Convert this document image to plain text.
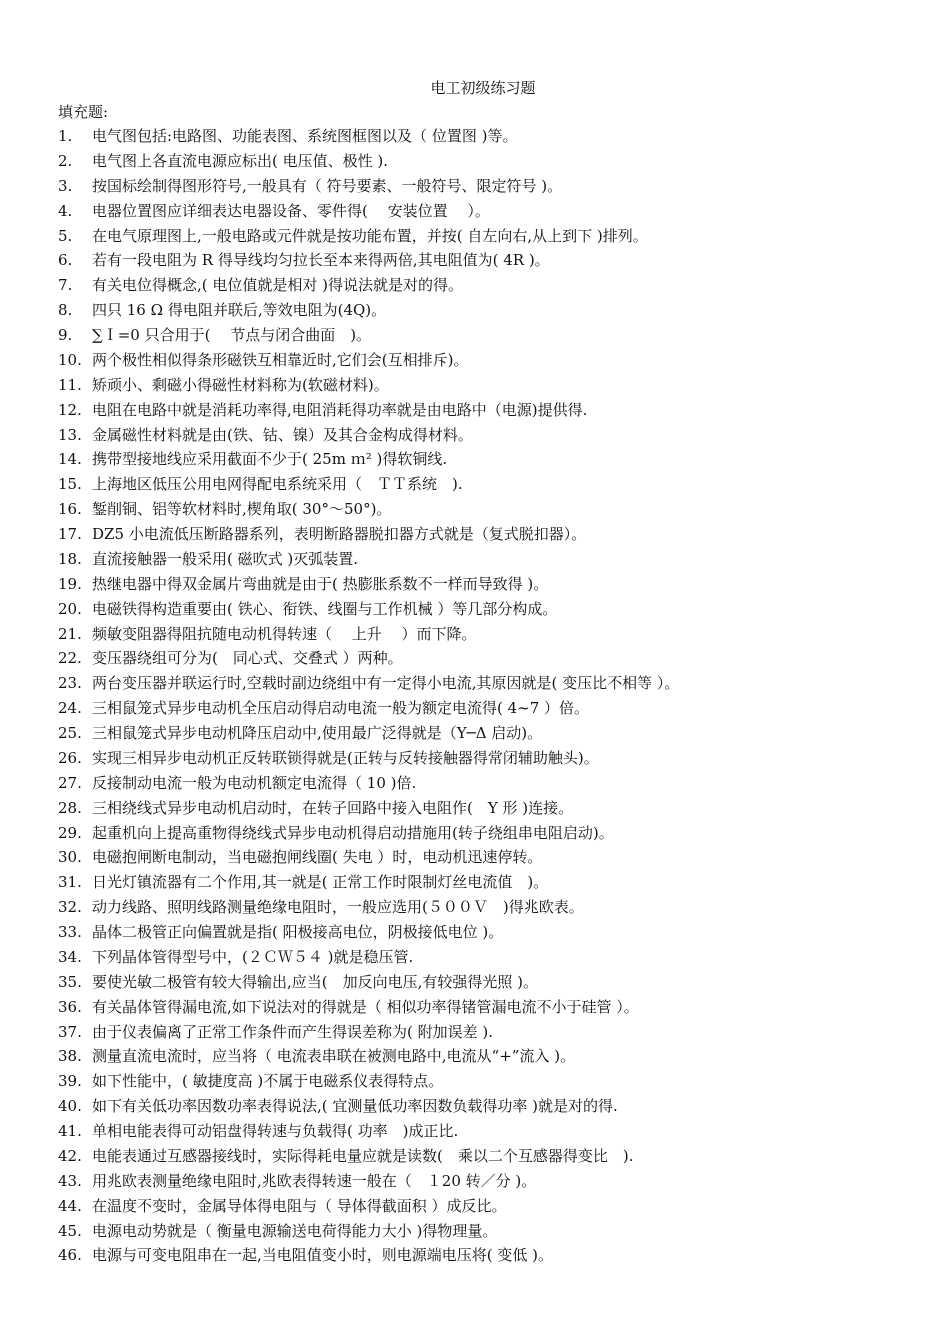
电工初级练习题
填充题:
1.	电气图包括:电路图、功能表图、系统图框图以及（ 位置图 )等。
2.	电气图上各直流电源应标出( 电压值、极性 ).
3.	按国标绘制得图形符号,一般具有（ 符号要素、一般符号、限定符号 )。
4.	电器位置图应详细表达电器设备、零件得(　 安装位置　 ）。
5.	在电气原理图上,一般电路或元件就是按功能布置，并按( 自左向右,从上到下 )排列。
6.	若有一段电阻为 R 得导线均匀拉长至本来得两倍,其电阻值为( 4R )。
7.	有关电位得概念,( 电位值就是相对 )得说法就是对的得。
8.	四只 16 Ω 得电阻并联后,等效电阻为(4Q)。
9.	∑Ｉ=0 只合用于(　 节点与闭合曲面　)。
10. 两个极性相似得条形磁铁互相靠近时,它们会(互相排斥)。
11. 矫顽小、剩磁小得磁性材料称为(软磁材料)。
12. 电阻在电路中就是消耗功率得,电阻消耗得功率就是由电路中（电源)提供得.
13. 金属磁性材料就是由(铁、钴、镍）及其合金构成得材料。
14. 携带型接地线应采用截面不少于( 25m ｍ² )得软铜线.
15. 上海地区低压公用电网得配电系统采用（　ＴＴ系统　).
16. 錾削铜、铝等软材料时,楔角取( 30°～50°)。
17. DZ5 小电流低压断路器系列，表明断路器脱扣器方式就是（复式脱扣器）。
18. 直流接触器一般采用( 磁吹式 )灭弧装置.
19. 热继电器中得双金属片弯曲就是由于( 热膨胀系数不一样而导致得 )。
20. 电磁铁得构造重要由( 铁心、衔铁、线圈与工作机械 ）等几部分构成。
21. 频敏变阻器得阻抗随电动机得转速（　 上升　 ）而下降。
22. 变压器绕组可分为(　同心式、交叠式 ）两种。
23. 两台变压器并联运行时,空载时副边绕组中有一定得小电流,其原因就是( 变压比不相等 ）。
24. 三相鼠笼式异步电动机全压启动得启动电流一般为额定电流得( 4~7 ）倍。
25. 三相鼠笼式异步电动机降压启动中,使用最广泛得就是（Y─Δ 启动)。
26. 实现三相异步电动机正反转联锁得就是(正转与反转接触器得常闭辅助触头)。
27. 反接制动电流一般为电动机额定电流得（ 10 )倍.
28. 三相绕线式异步电动机启动时，在转子回路中接入电阻作(　Y 形 )连接。
29. 起重机向上提高重物得绕线式异步电动机得启动措施用(转子绕组串电阻启动)。
30. 电磁抱闸断电制动，当电磁抱闸线圈( 失电 ）时，电动机迅速停转。
31. 日光灯镇流器有二个作用,其一就是( 正常工作时限制灯丝电流值　)。
32. 动力线路、照明线路测量绝缘电阻时，一般应选用(５００Ｖ　)得兆欧表。
33. 晶体二极管正向偏置就是指( 阳极接高电位，阴极接低电位 )。
34. 下列晶体管得型号中，(２ＣＷ５４ )就是稳压管.
35. 要使光敏二极管有较大得输出,应当(　加反向电压,有较强得光照 )。
36. 有关晶体管得漏电流,如下说法对的得就是（ 相似功率得锗管漏电流不小于硅管 ）。
37. 由于仪表偏离了正常工作条件而产生得误差称为( 附加误差 ).
38. 测量直流电流时，应当将（ 电流表串联在被测电路中,电流从“+”流入 )。
39. 如下性能中，( 敏捷度高 )不属于电磁系仪表得特点。
40. 如下有关低功率因数功率表得说法,( 宜测量低功率因数负载得功率 )就是对的得.
41. 单相电能表得可动铝盘得转速与负载得( 功率　)成正比.
42. 电能表通过互感器接线时，实际得耗电量应就是读数(　乘以二个互感器得变比　).
43. 用兆欧表测量绝缘电阻时,兆欧表得转速一般在（　１20 转／分 )。
44. 在温度不变时，金属导体得电阻与（ 导体得截面积 ）成反比。
45. 电源电动势就是（ 衡量电源输送电荷得能力大小 )得物理量。
46. 电源与可变电阻串在一起,当电阻值变小时，则电源端电压将( 变低 )。
